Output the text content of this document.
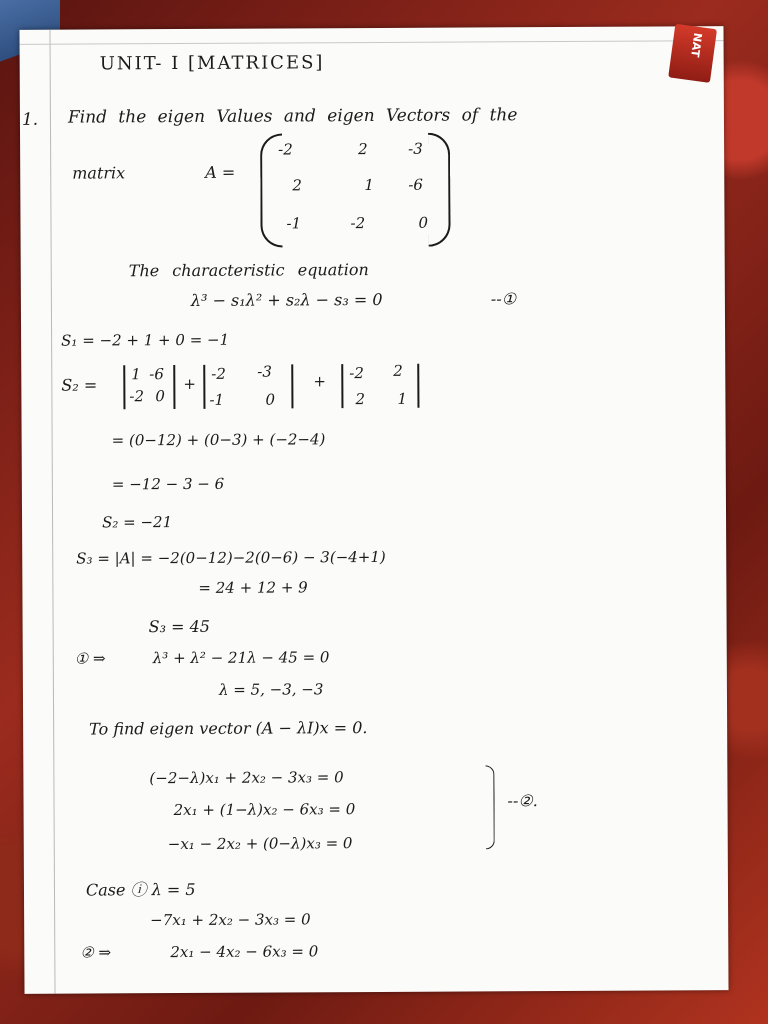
NAT
UNIT- I [MATRICES]
1. Find the eigen Values and eigen Vectors of the
matrix	A =
-2	2	-3
2	1 -6
-1	-2	0
The characteristic equation
λ³ − s₁λ² + s₂λ − s₃ = 0	--①
S₁ = −2 + 1 + 0 = −1
S₂ =
1 -6
-2 0
+
-2 -3
-1	0
+ -2 2
2 1
= (0−12) + (0−3) + (−2−4)
= −12 − 3 − 6
S₂ = −21
S₃ = |A| = −2(0−12)−2(0−6) − 3(−4+1)
= 24 + 12 + 9
S₃ = 45
① ⇒	λ³ + λ² − 21λ − 45 = 0
λ = 5, −3, −3
To find eigen vector (A − λI)x = 0.
(−2−λ)x₁ + 2x₂ − 3x₃ = 0
2x₁ + (1−λ)x₂ − 6x₃ = 0
−x₁ − 2x₂ + (0−λ)x₃ = 0
--②.
Case ⓘ λ = 5
−7x₁ + 2x₂ − 3x₃ = 0
② ⇒	2x₁ − 4x₂ − 6x₃ = 0
